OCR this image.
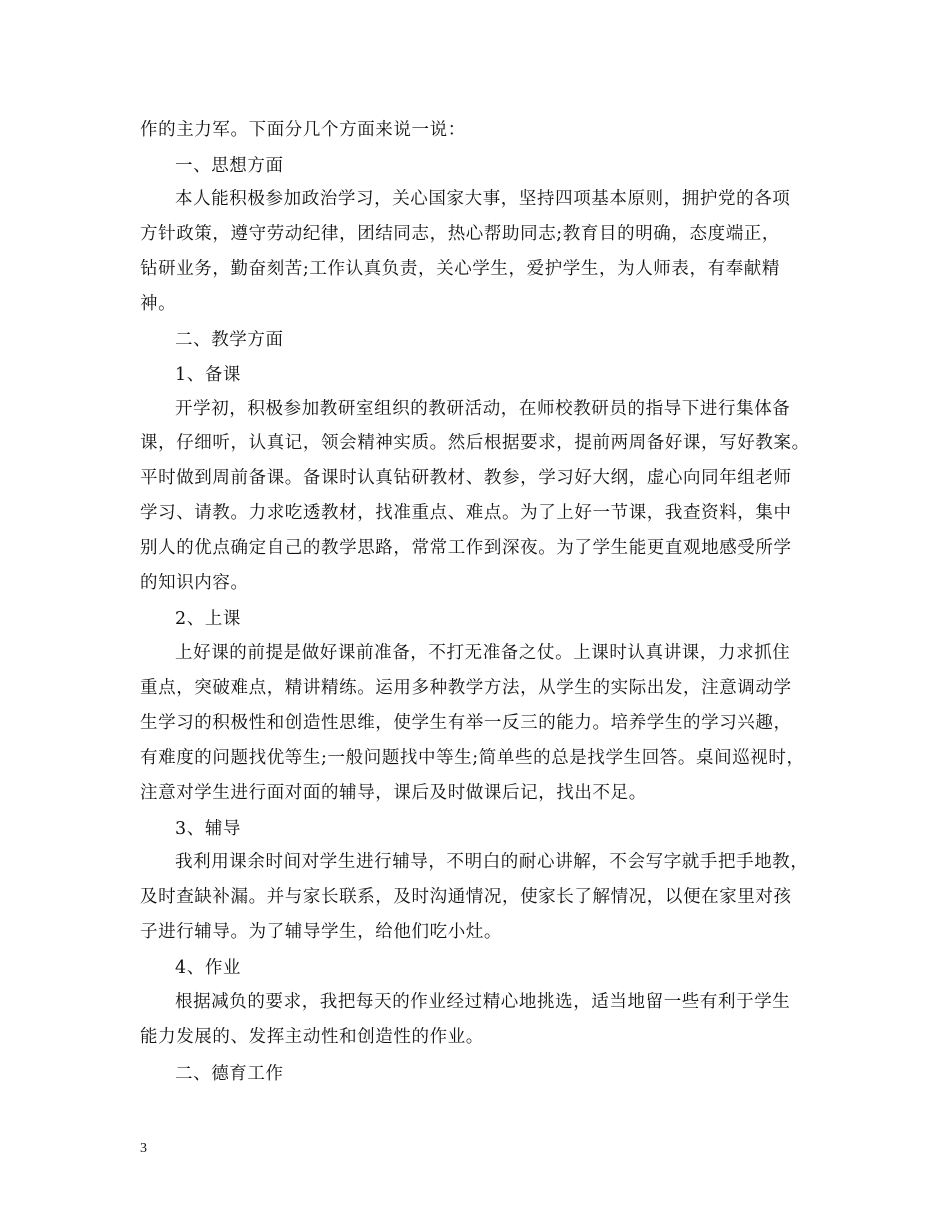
作的主力军。下面分几个方面来说一说：
一、思想方面
本人能积极参加政治学习，关心国家大事，坚持四项基本原则，拥护党的各项
方针政策，遵守劳动纪律，团结同志，热心帮助同志;教育目的明确，态度端正，
钻研业务，勤奋刻苦;工作认真负责，关心学生，爱护学生，为人师表，有奉献精
神。
二、教学方面
1、备课
开学初，积极参加教研室组织的教研活动，在师校教研员的指导下进行集体备
课，仔细听，认真记，领会精神实质。然后根据要求，提前两周备好课，写好教案。
平时做到周前备课。备课时认真钻研教材、教参，学习好大纲，虚心向同年组老师
学习、请教。力求吃透教材，找准重点、难点。为了上好一节课，我查资料，集中
别人的优点确定自己的教学思路，常常工作到深夜。为了学生能更直观地感受所学
的知识内容。
2、上课
上好课的前提是做好课前准备，不打无准备之仗。上课时认真讲课，力求抓住
重点，突破难点，精讲精练。运用多种教学方法，从学生的实际出发，注意调动学
生学习的积极性和创造性思维，使学生有举一反三的能力。培养学生的学习兴趣，
有难度的问题找优等生;一般问题找中等生;简单些的总是找学生回答。桌间巡视时，
注意对学生进行面对面的辅导，课后及时做课后记，找出不足。
3、辅导
我利用课余时间对学生进行辅导，不明白的耐心讲解，不会写字就手把手地教，
及时查缺补漏。并与家长联系，及时沟通情况，使家长了解情况，以便在家里对孩
子进行辅导。为了辅导学生，给他们吃小灶。
4、作业
根据减负的要求，我把每天的作业经过精心地挑选，适当地留一些有利于学生
能力发展的、发挥主动性和创造性的作业。
二、德育工作
3
